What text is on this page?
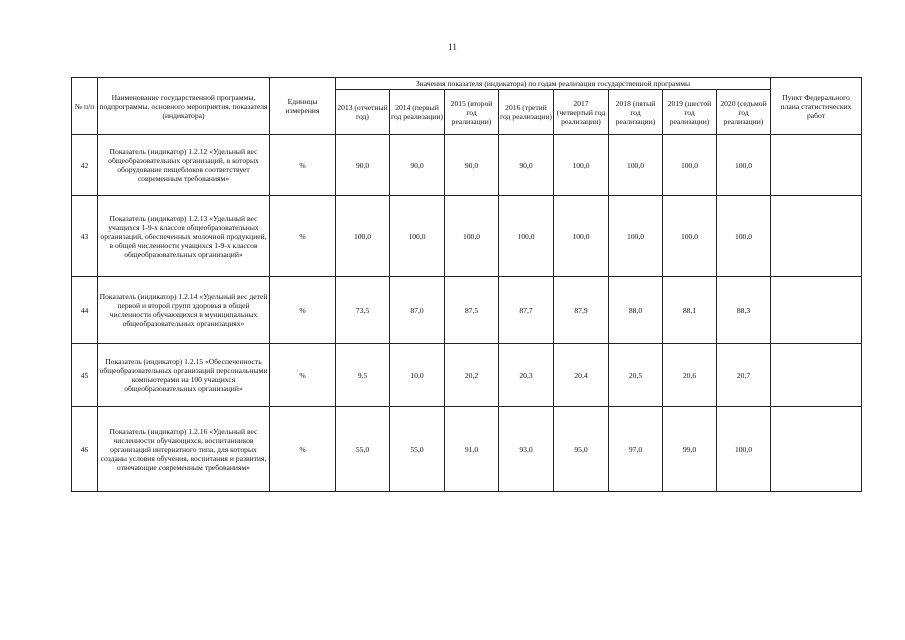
11
№ п/п	Наименование государственной программы, подпрограммы, основного мероприятия, показателя (индикатора)	Единицы измерения	Значения показателя (индикатора) по годам реализации государственной программы								Пункт Федерального плана статистических работ
			2013 (отчетный год)	2014 (первый год реализации)	2015 (второй год реализации)	2016 (третий год реализации)	2017 (четвертый год реализации)	2018 (пятый год реализации)	2019 (шестой год реализации)	2020 (седьмой год реализации)	
42	Показатель (индикатор) 1.2.12 «Удельный вес общеобразовательных организаций, в которых оборудование пищеблоков соответствует современным требованиям»	%	90,0	90,0	90,0	90,0	100,0	100,0	100,0	100,0	
43	Показатель (индикатор) 1.2.13 «Удельный вес учащихся 1-9-х классов общеобразовательных организаций, обеспеченных молочной продукцией, в общей численности учащихся 1-9-х классов общеобразовательных организаций»	%	100,0	100,0	100,0	100,0	100,0	100,0	100,0	100,0	
44	Показатель (индикатор) 1.2.14 «Удельный вес детей первой и второй групп здоровья в общей численности обучающихся в муниципальных общеобразовательных организациях»	%	73,5	87,0	87,5	87,7	87,9	88,0	88,1	88,3	
45	Показатель (индикатор) 1.2.15 «Обеспеченность общеобразовательных организаций персональными компьютерами на 100 учащихся общеобразовательных организаций»	%	9,5	10,0	20,2	20,3	20,4	20,5	20,6	20,7	
46	Показатель (индикатор) 1.2.16 «Удельный вес численности обучающихся, воспитанников организаций интернатного типа, для которых созданы условия обучения, воспитания и развития, отвечающие современным требованиям»	%	55,0	55,0	91,0	93,0	95,0	97,0	99,0	100,0	
